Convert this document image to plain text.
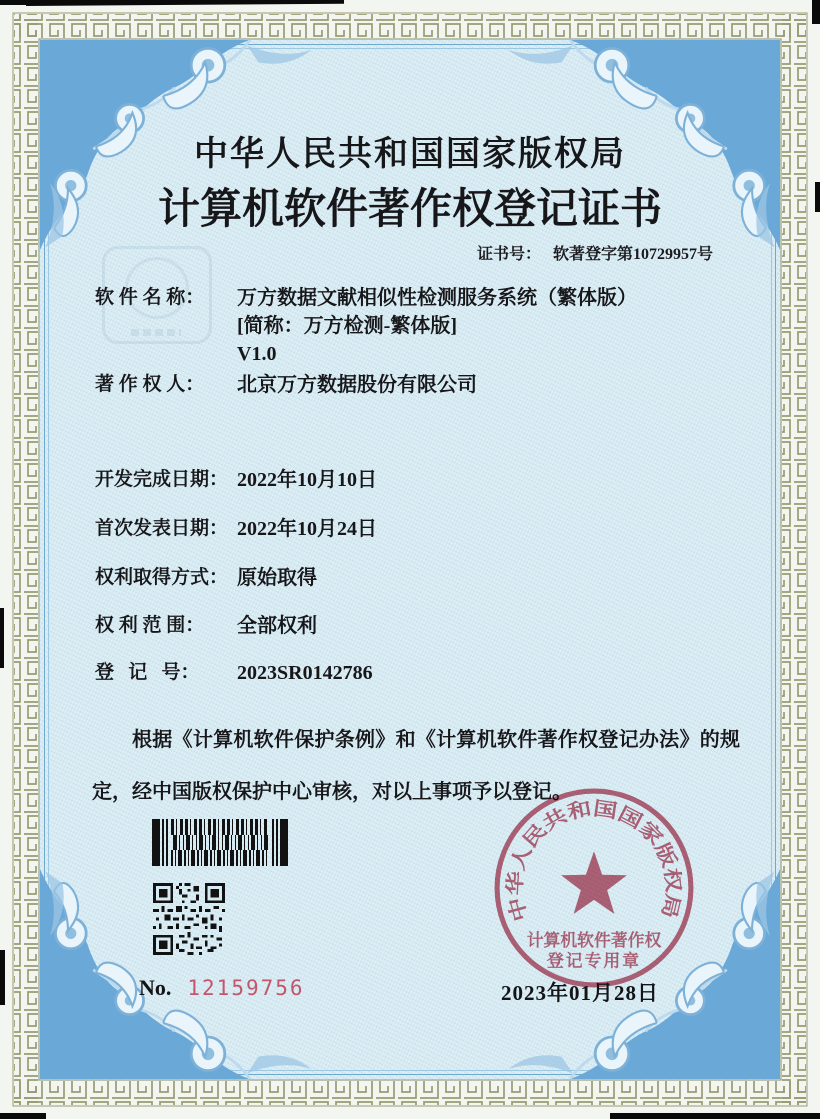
中华人民共和国国家版权局
计算机软件著作权登记证书
证书号： 软著登字第10729957号
软 件 名 称：	万方数据文献相似性检测服务系统（繁体版）
[简称：万方检测-繁体版]
V1.0
著 作 权 人：	北京万方数据股份有限公司
开发完成日期： 2022年10月10日
首次发表日期： 2022年10月24日
权利取得方式： 原始取得
权 利 范 围：	全部权利
登   记   号：	2023SR0142786
根据《计算机软件保护条例》和《计算机软件著作权登记办法》的规定，经中国版权保护中心审核，对以上事项予以登记。
No. 12159756
中华人民共和国国家版权局
计算机软件著作权
登记专用章
2023年01月28日
